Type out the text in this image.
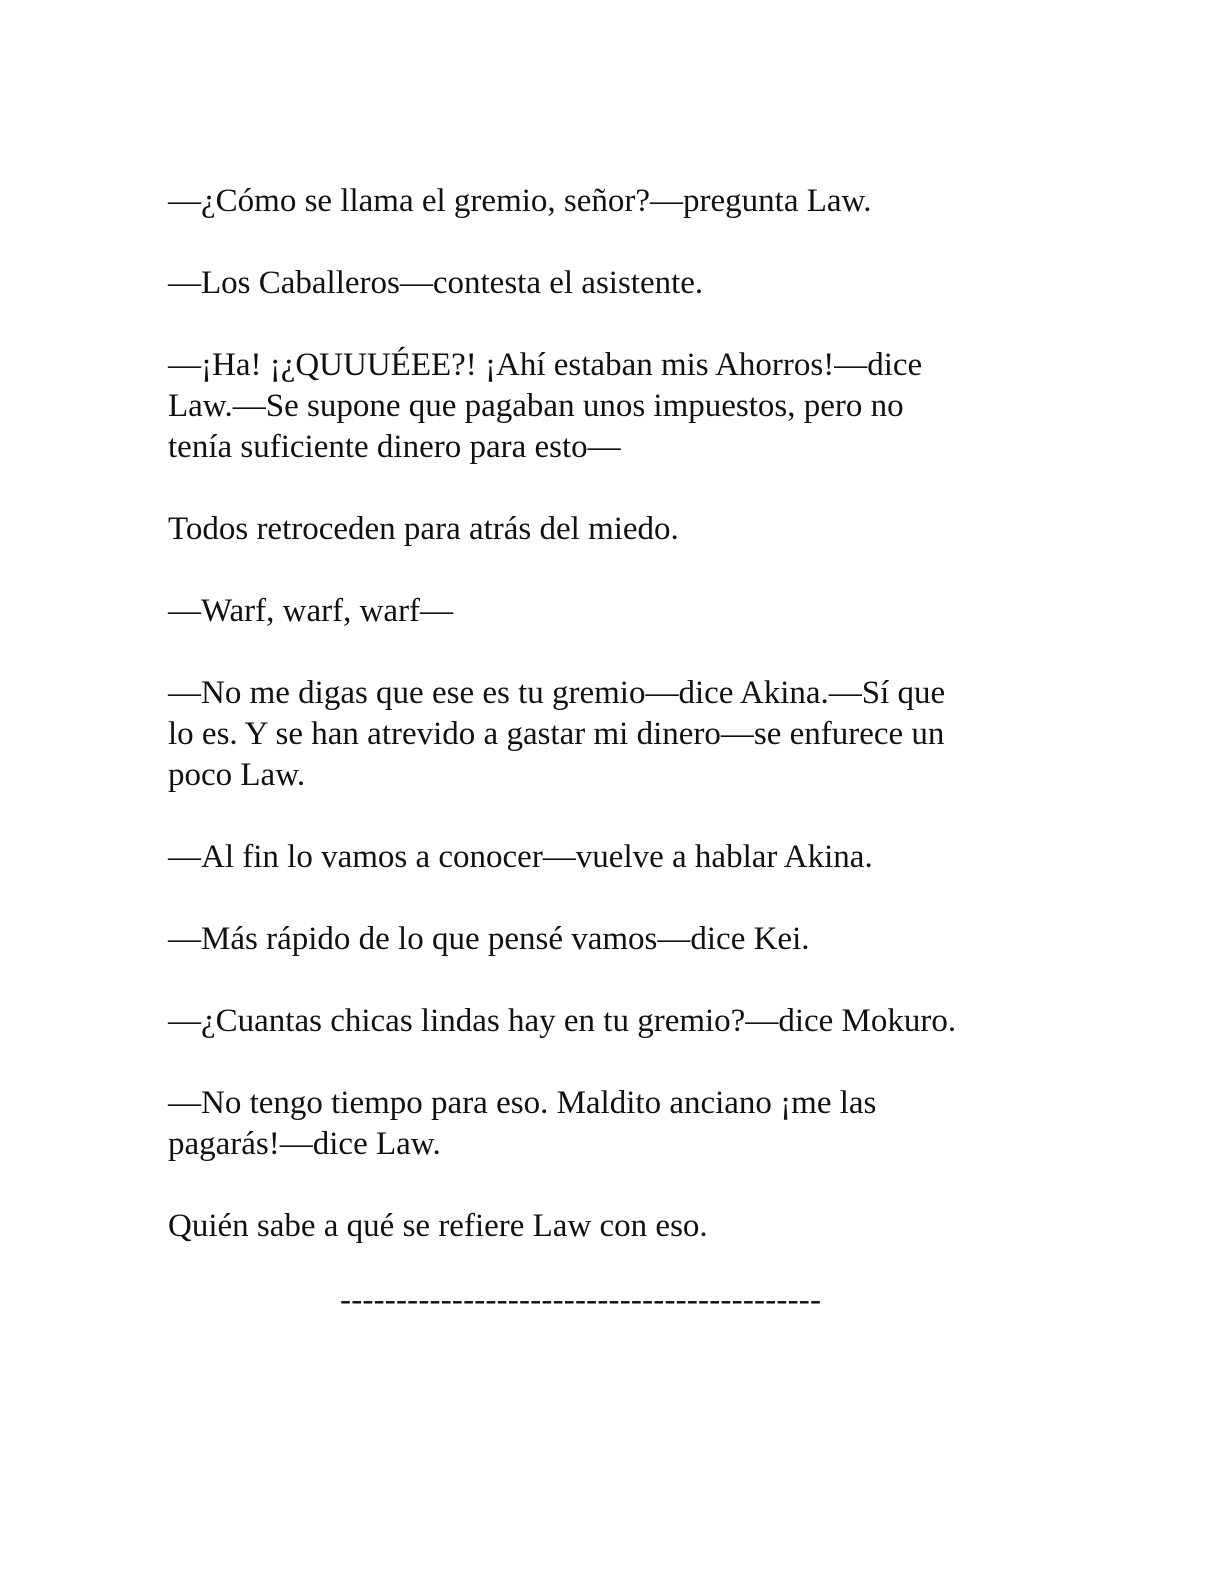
—¿Cómo se llama el gremio, señor?—pregunta Law.

—Los Caballeros—contesta el asistente.

—¡Ha! ¡¿QUUUÉEE?! ¡Ahí estaban mis Ahorros!—dice
Law.—Se supone que pagaban unos impuestos, pero no
tenía suficiente dinero para esto—

Todos retroceden para atrás del miedo.

—Warf, warf, warf—

—No me digas que ese es tu gremio—dice Akina.—Sí que
lo es. Y se han atrevido a gastar mi dinero—se enfurece un
poco Law.

—Al fin lo vamos a conocer—vuelve a hablar Akina.

—Más rápido de lo que pensé vamos—dice Kei.

—¿Cuantas chicas lindas hay en tu gremio?—dice Mokuro.

—No tengo tiempo para eso. Maldito anciano ¡me las
pagarás!—dice Law.

Quién sabe a qué se refiere Law con eso.

-------------------------------------------
